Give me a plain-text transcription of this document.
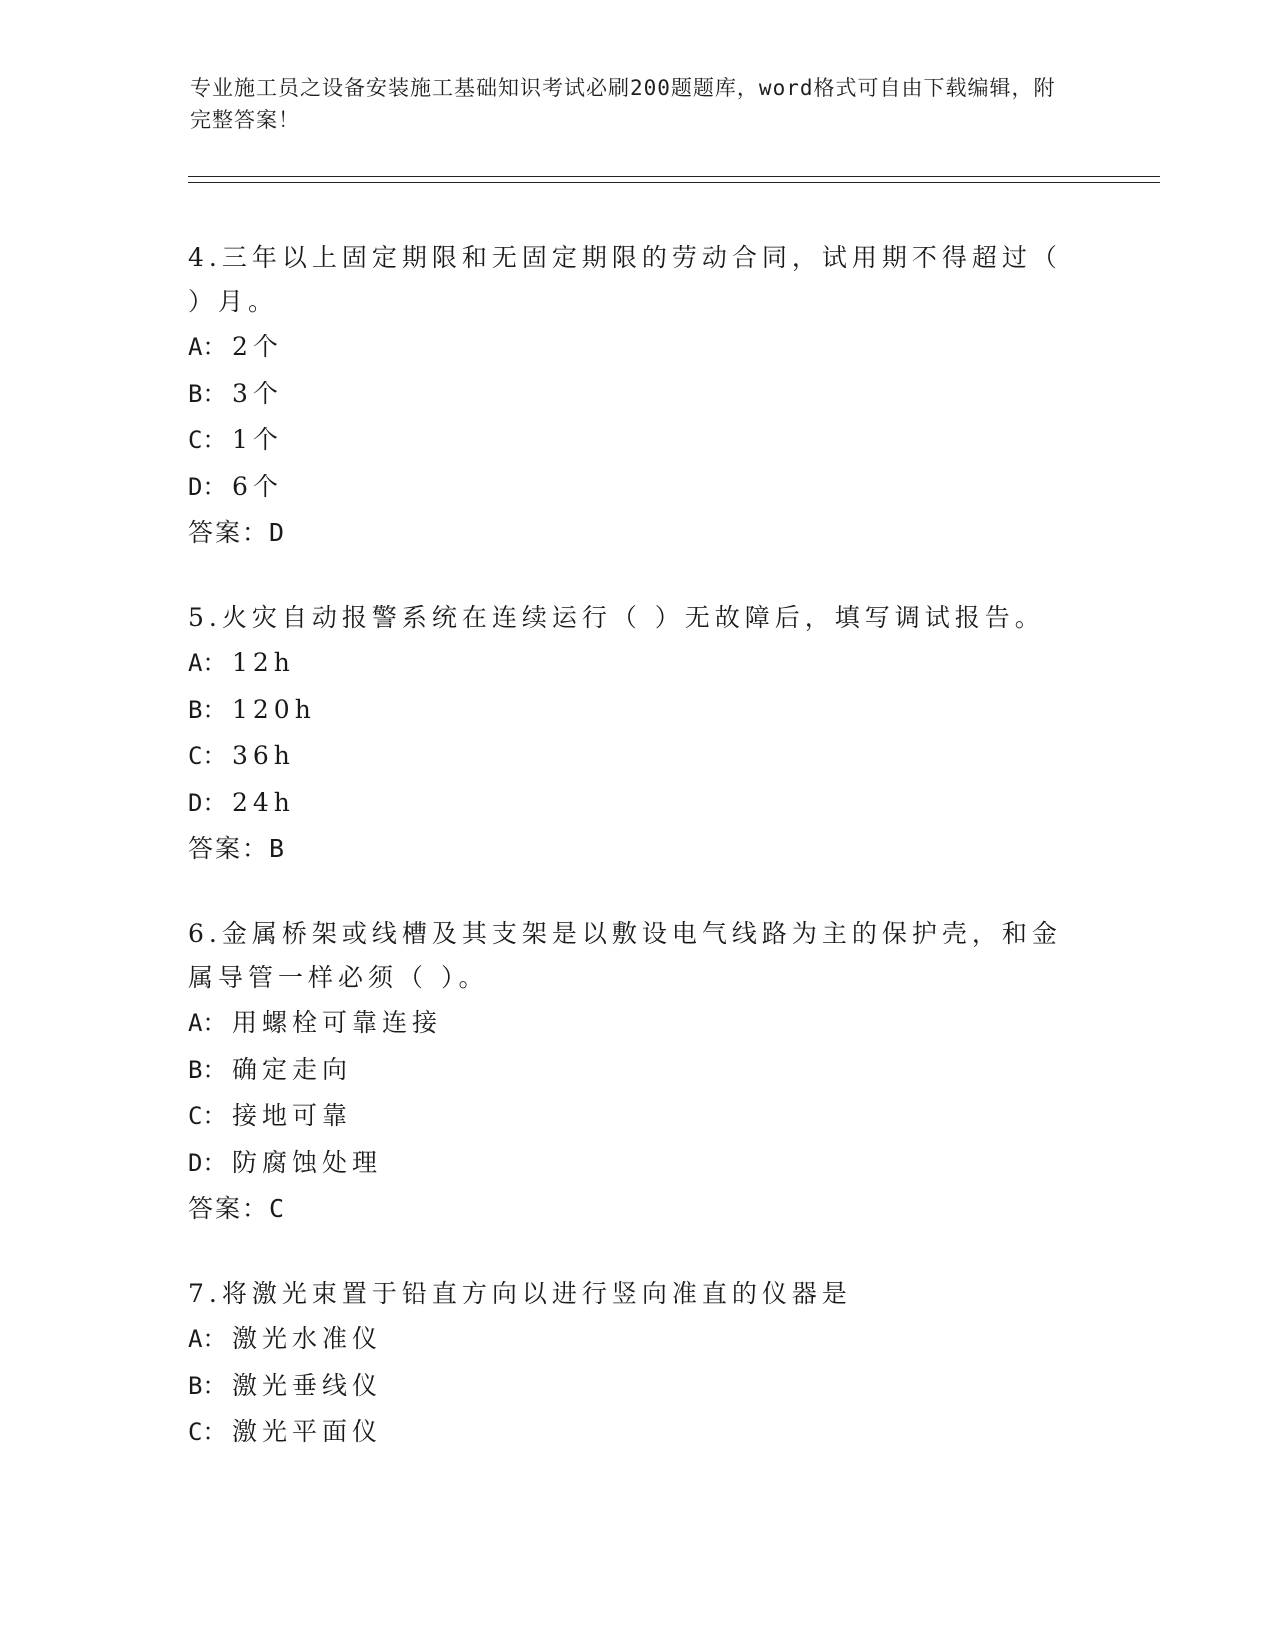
专业施工员之设备安装施工基础知识考试必刷200题题库，word格式可自由下载编辑，附完整答案！

4.三年以上固定期限和无固定期限的劳动合同，试用期不得超过（ ）月。

A： 2个

B： 3个

C： 1个

D： 6个

答案：D

5.火灾自动报警系统在连续运行（ ）无故障后，填写调试报告。

A： 12h

B： 120h

C： 36h

D： 24h

答案：B

6.金属桥架或线槽及其支架是以敷设电气线路为主的保护壳，和金属导管一样必须（ ）。

A： 用螺栓可靠连接

B： 确定走向

C： 接地可靠

D： 防腐蚀处理

答案：C

7.将激光束置于铅直方向以进行竖向准直的仪器是

A： 激光水准仪

B： 激光垂线仪

C： 激光平面仪
